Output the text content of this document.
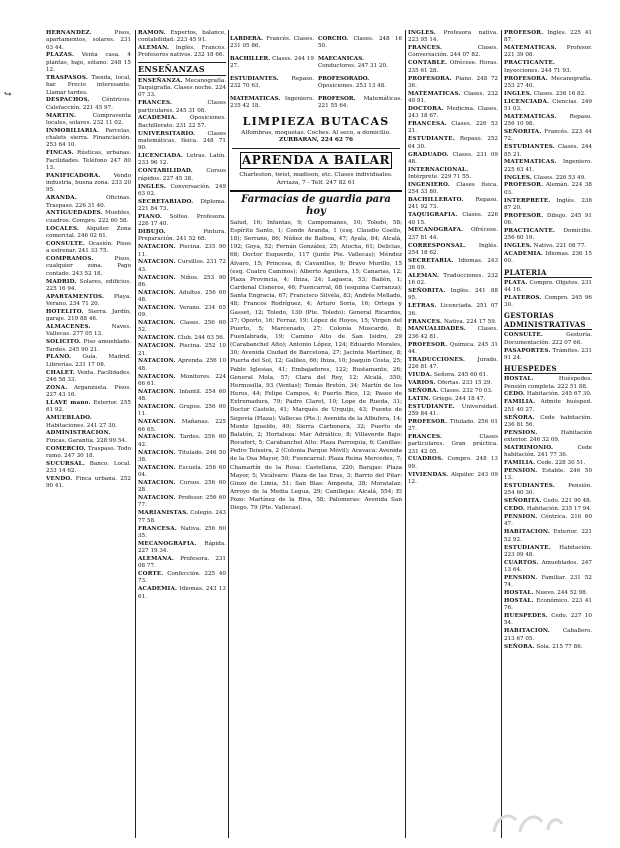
↪

HERNANDEZ. Pisos, apartamentos, solares. 231 03 44.

PLAZAS. Venta casa. 4 plantas, bajo, sótano. 248 15 12.

TRASPASOS. Tienda, local, bar. Precio interesante. Llamar tardes.

DESPACHOS. Céntricos. Calefacción. 221 45 97.

MARTIN. Compraventa locales, solares. 232 11 02.

INMOBILIARIA. Parcelas, chalets sierra. Financiación. 253 64 10.

FINCAS. Rústicas, urbanas. Facilidades. Teléfono 247 80 13.

PANIFICADORA. Vendo industria, buena zona. 233 20 95.

ARANDA. Oficinas. Traspaso. 226 31 40.

ANTIGUEDADES. Muebles, cuadros. Compro. 222 60 58.

LOCALES. Alquiler. Zona comercial. 246 02 61.

CONSULTE. Ocasión. Pisos a estrenar. 241 33 75.

COMPRAMOS. Pisos, cualquier zona. Pago contado. 243 52 18.

MADRID. Solares, edificios. 225 16 94.

APARTAMENTOS. Playa. Verano. 234 71 20.

HOTELITO. Sierra. Jardín, garaje. 219 88 46.

ALMACENES. Naves. Vallecas. 277 05 13.

SOLICITO. Piso amueblado. Tardes. 245 90 21.

PLANO. Guía. Madrid. Librerías. 231 17 08.

CHALET. Venta. Facilidades. 246 58 33.

ZONA. Arganzuela. Pisos. 227 43 16.

LLAVE mano. Exterior. 255 61 92.

AMUEBLADO. Habitaciones. 241 27 30.

ADMINISTRACION. Fincas. Garantía. 228 99 54.

COMERCIO. Traspaso. Todo ramo. 247 30 18.

SUCURSAL. Banco. Local. 233 14 62.

VENDO. Finca urbana. 252 90 41.

RAMON. Expertos, balance, contabilidad. 223 45 91.

ALEMAN. Inglés. Francés. Profesores nativos. 232 18 66.

ENSEÑANZAS

ENSEÑANZA. Mecanografía. Taquigrafía. Clases noche. 224 07 33.

FRANCES. Clases particulares. 245 31 08.

ACADEMIA. Oposiciones. Bachillerato. 231 22 57.

UNIVERSITARIO. Clases matemáticas, física. 248 71 90.

LICENCIADA. Letras. Latín. 233 96 12.

CONTABILIDAD. Cursos rápidos. 227 45 38.

INGLES. Conversación. 249 63 02.

SECRETARIADO. Diploma. 221 84 73.

PIANO. Solfeo. Profesora. 226 17 40.

DIBUJO. Pintura. Preparación. 241 52 68.

NATACION. Piscina. 235 90 11.

NATACION. Cursillos. 231 72 43.

NATACION. Niños. 253 90 86.

NATACION. Adultos. 256 60 48.

NATACION. Verano. 234 65 09.

NATACION. Clases. 256 60 52.

NATACION. Club. 244 03 56.

NATACION. Piscina. 252 10 21.

NATACION. Aprenda. 256 10 48.

NATACION. Monitores. 224 66 61.

NATACION. Infantil. 254 60 48.

NATACION. Grupos. 256 60 11.

NATACION. Mañanas. 225 66 65.

NATACION. Tardes. 256 60 42.

NATACION. Titulado. 246 50 38.

NATACION. Escuela. 256 60 04.

NATACION. Cursos. 256 60 28.

NATACION. Profesor. 256 60 77.

MARIANISTAS. Colegio. 243 77 58.

FRANCESA. Nativa. 256 60 35.

MECANOGRAFIA. Rápida. 227 19 34.

ALEMANA. Profesora. 231 08 77.

CORTE. Confección. 225 40 73.

ACADEMIA. Idiomas. 243 13 61.

LARDERA. Francés. Clases. 231 05 86.

BACHILLER. Clases. 244 19 27.

ESTUDIANTES. Repaso. 232 70 63.

MATEMATICAS. Ingeniero. 235 42 18.

CORCHO. Clases. 248 16 50.

MAECANICAS. Conductores. 247 31 20.

PROFESORADO. Oposiciones. 253 13 48.

PROFESOR. Matemáticas. 221 55 64.

LIMPIEZA BUTACAS
Alfombras, moquetas. Coches. Al seco, a domicilio.
ZURBARAN, 224 62 76
APRENDA A BAILAR
Charleston, twist, madison, etc. Clases individuales. Arriaza, 7 - Telf. 247 82 61
Farmacias de guardia para hoy
Salud, 16; Infantas, 9; Campomanes, 10; Toledo, 58; Espíritu Santo, 1; Conde Aranda, 1 (esq. Claudio Coello, 18); Serrano, 86; Núñez de Balboa, 47; Ayala, 84; Alcalá, 192; Goya, 52; Fernán González, 25; Atocha, 61; Delicias, 68; Doctor Esquerdo, 117 (junto Pte. Vallecas); Méndez Álvaro, 15; Princesa, 8; Cavanilles, 9; Bravo Murillo, 15 (esq. Cuatro Caminos); Alberto Aguilera, 15; Canarias, 12; Plaza Provincia, 4; Ibiza, 24; Lagasca, 53; Bailén, 1; Cardenal Cisneros, 46; Fuencarral, 68 (esquina Carranza); Santa Engracia, 67; Francisco Silvela, 83; Andrés Mellado, 48; Francos Rodríguez, 4; Arturo Soria, 16; Ortega y Gasset, 12; Toledo, 130 (Pte. Toledo); General Ricardos, 37; Oporto, 16; Ferraz, 19; López de Hoyos, 15; Virgen del Puerto, 5; Marcenado, 27; Colonia Moscardó, 8; Fuenlabrada, 19; Camino Alto de San Isidro, 29 (Carabanchel Alto); Antonio López, 124; Eduardo Morales, 30; Avenida Ciudad de Barcelona, 27; Jacinta Martínez, 8; Puerta del Sol, 12; Galileo, 66; Ibiza, 10; Joaquín Costa, 25; Pablo Iglesias, 41; Embajadores, 122; Bustamante, 26; General Mola, 57; Clara del Rey, 12; Alcalá, 350; Hermosilla, 93 (Ventas); Tomás Bretón, 34; Martín de los Heros, 44; Felipe Campos, 4; Puerto Rico, 12; Paseo de Extremadura, 79; Padre Claret, 10; Lope de Rueda, 31; Doctor Castelo, 41; Marqués de Urquijo, 43; Puente de Segovia (Plaza); Vallecas (Pte.): Avenida de la Albufera, 14; Monte Igueldo, 49; Sierra Carbonera, 32; Puerto de Balatón, 2; Hortaleza: Mar Adriático, 8; Villaverde Bajo: Rocafort, 5; Carabanchel Alto: Plaza Parroquia, 6; Canillas: Pedro Teixeira, 2 (Colonia Parque Móvil); Aravaca: Avenida de la Osa Mayor, 50; Fuencarral: Plaza Reina Mercedes, 7; Chamartín de la Rosa: Castellana, 220; Barajas: Plaza Mayor, 5; Vicálvaro: Plaza de las Eras, 3; Barrio del Pilar: Ginzo de Limia, 51; San Blas: Amposta, 38; Moratalaz: Arroyo de la Media Legua, 29; Canillejas: Alcalá, 554; El Pozo: Martínez de la Riva, 58; Palomeras: Avenida San Diego, 79 (Pte. Vallecas).

INGLES. Profesora nativa. 223 95 14.

FRANCES. Clases. Conversación. 244 07 82.

CONTABLE. Ofrécese. Horas. 235 61 28.

PROFESORA. Piano. 248 72 36.

MATEMATICAS. Clases. 232 40 91.

DOCTORA. Medicina. Clases. 243 18 67.

FRANCESA. Clases. 226 53 21.

ESTUDIANTE. Repaso. 252 64 30.

GRADUADO. Clases. 231 09 48.

INTERNACIONAL. Intérprete. 229 71 55.

INGENIERO. Clases física. 254 33 80.

BACHILLERATO. Repaso. 241 92 73.

TAQUIGRAFIA. Clases. 226 40 15.

MECANOGRAFA. Ofrécese. 237 81 44.

CORRESPONSAL. Inglés. 254 18 62.

SECRETARIA. Idiomas. 243 36 09.

ALEMAN. Traducciones. 232 16 02.

SEÑORITA. Inglés. 241 88 95.

LETRAS. Licenciada. 251 07 36.

FRANCES. Nativa. 224 17 59.

MANUALIDADES. Clases. 236 42 81.

PROFESOR. Química. 245 31 44.

TRADUCCIONES. Jurado. 226 81 47.

VIUDA. Señora. 245 60 61.

VARIOS. Ofertas. 233 15 29.

SEÑORA. Clases. 232 70 03.

LATIN. Griego. 244 18 47.

ESTUDIANTE. Universidad. 259 84 41.

PROFESOR. Titulado. 256 01 27.

FRANCES. Clases particulares. Gran práctica. 231 42 05.

CUADROS. Compro. 248 13 99.

VIVIENDAS. Alquiler. 243 09 12.

PROFESOR. Inglés. 225 41 87.

MATEMATICAS. Profesor. 221 39 08.

PRACTICANTE. Inyecciones. 244 71 93.

PROFESORA. Mecanografía. 253 27 40.

INGLES. Clases. 236 16 82.

LICENCIADA. Ciencias. 249 51 03.

MATEMATICAS. Repaso. 256 10 98.

SEÑORITA. Francés. 223 44 72.

ESTUDIANTES. Clases. 244 85 21.

MATEMATICAS. Ingeniero. 225 63 41.

INGLES. Clases. 226 53 49.

PROFESOR. Alemán. 224 38 03.

INTERPRETE. Inglés. 236 87 20.

PROFESOR. Dibujo. 245 91 06.

PRACTICANTE. Domicilio. 256 60 19.

INGLES. Nativo. 221 08 77.

ACADEMIA. Idiomas. 236 15 60.

PLATERIA

PLATA. Compro. Objetos. 231 44 16.

PLATEROS. Compro. 245 96 30.

GESTORIAS ADMINISTRATIVAS

CONSULTE. Gestoría. Documentación. 222 07 66.

PASAPORTES. Trámites. 231 91 24.

HUESPEDES

HOSTAL. Huéspedes. Pensión completa. 222 51 88.

CEDO. Habitación. 245 67 30.

FAMILIA. Admite huésped. 251 40 27.

SEÑORA. Cede habitación. 236 81 56.

PENSION. Habitación exterior. 246 32 09.

MATRIMONIO. Cede habitación. 241 77 36.

FAMILIA. Cede. 228 30 51.

PENSION. Estable. 246 50 13.

ESTUDIANTES. Pensión. 254 60 30.

SEÑORITA. Cedo. 221 90 48.

CEDO. Habitación. 235 17 94.

PENSION. Céntrica. 216 60 47.

HABITACION. Exterior. 221 52 92.

ESTUDIANTE. Habitación. 223 09 48.

CUARTOS. Amueblados. 247 13 64.

PENSION. Familiar. 231 52 74.

HOSTAL. Nuevo. 244 52 98.

HOSTAL. Económico. 223 41 76.

HUESPEDES. Cedo. 227 10 54.

HABITACION. Caballero. 213 67 05.

SEÑORA. Sola. 215 77 86.
